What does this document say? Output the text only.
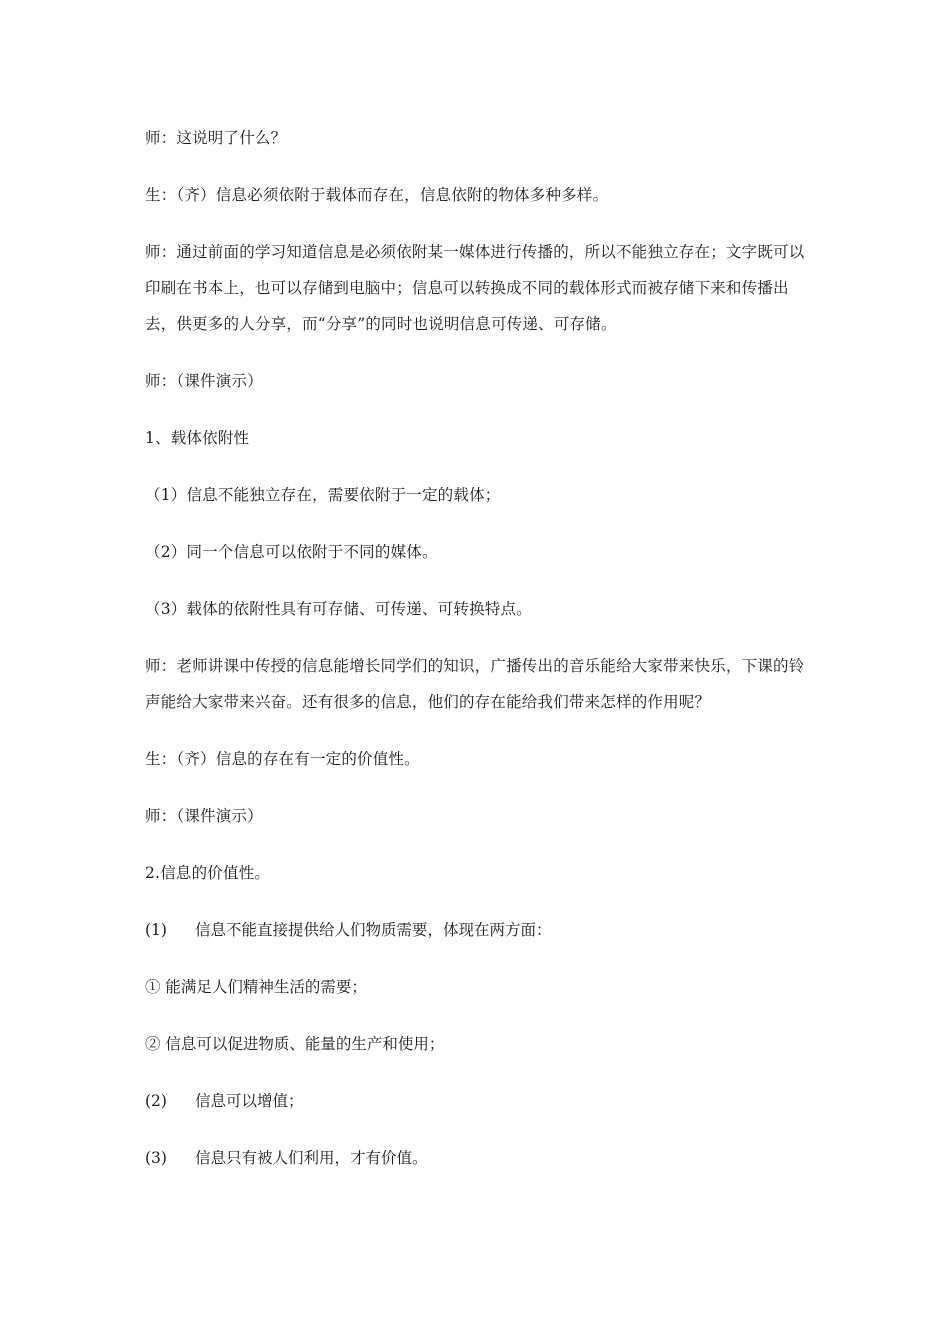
师：这说明了什么？

生：（齐）信息必须依附于载体而存在，信息依附的物体多种多样。

师：通过前面的学习知道信息是必须依附某一媒体进行传播的，所以不能独立存在；文字既可以印刷在书本上，也可以存储到电脑中；信息可以转换成不同的载体形式而被存储下来和传播出去，供更多的人分享，而“分享”的同时也说明信息可传递、可存储。

师：（课件演示）

1、载体依附性

（1）信息不能独立存在，需要依附于一定的载体；

（2）同一个信息可以依附于不同的媒体。

（3）载体的依附性具有可存储、可传递、可转换特点。

师：老师讲课中传授的信息能增长同学们的知识，广播传出的音乐能给大家带来快乐，下课的铃声能给大家带来兴奋。还有很多的信息，他们的存在能给我们带来怎样的作用呢？

生：（齐）信息的存在有一定的价值性。

师：（课件演示）

2.信息的价值性。

(1) 信息不能直接提供给人们物质需要，体现在两方面：
① 能满足人们精神生活的需要；
② 信息可以促进物质、能量的生产和使用；
(2) 信息可以增值；
(3) 信息只有被人们利用，才有价值。
